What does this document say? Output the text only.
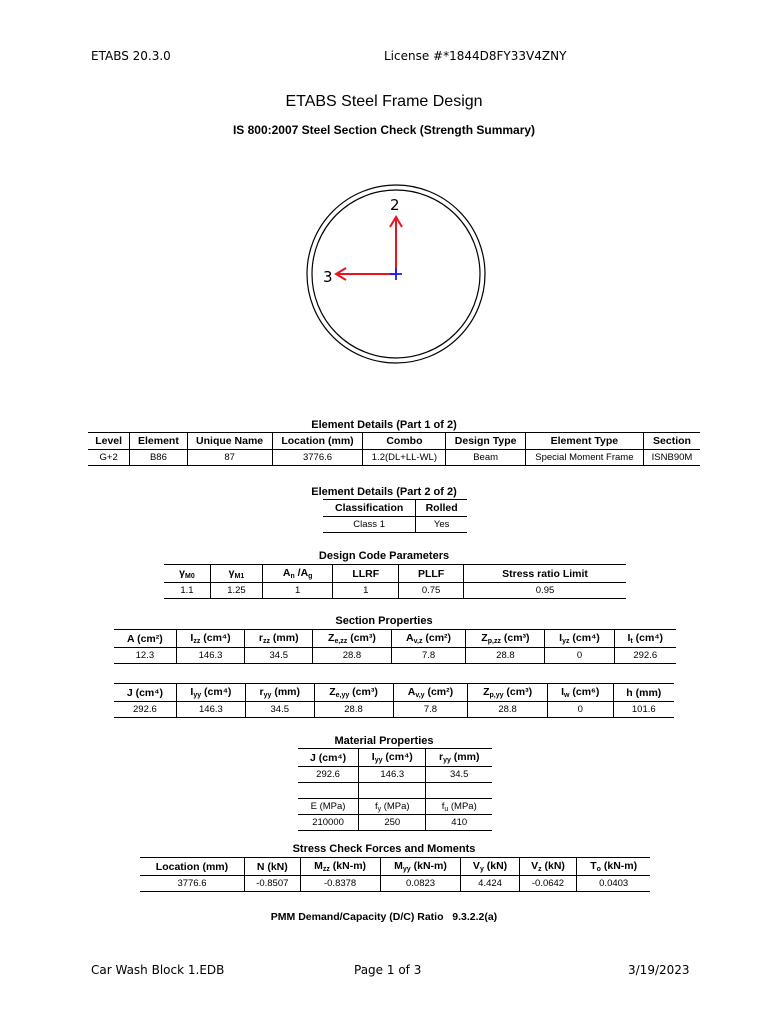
ETABS 20.3.0	License #*1844D8FY33V4ZNY
ETABS Steel Frame Design
IS 800:2007 Steel Section Check (Strength Summary)
2
3
Element Details (Part 1 of 2)
Level	Element	Unique Name	Location (mm)	Combo	Design Type	Element Type	Section
G+2	B86	87	3776.6	1.2(DL+LL-WL)	Beam	Special Moment Frame	ISNB90M
Element Details (Part 2 of 2)
Classification	Rolled
Class 1	Yes
Design Code Parameters
$\gamma_{M0}$	$\gamma_{M1}$	$A_n$ $/A_g$	LLRF	PLLF	Stress ratio Limit
1.1	1.25	1	1	0.75	0.95
Section Properties
A (cm²)	$I_{zz}$ (cm⁴)	$r_{zz}$ (mm)	$Z_{e,zz}$ (cm³)	$A_{v,z}$ (cm²)	$Z_{p,zz}$ (cm³)	$I_{yz}$ (cm⁴)	$I_t$ (cm⁴)
12.3	146.3	34.5	28.8	7.8	28.8	0	292.6
J (cm⁴)	$I_{yy}$ (cm⁴)	$r_{yy}$ (mm)	$Z_{e,yy}$ (cm³)	$A_{v,y}$ (cm²)	$Z_{p,yy}$ (cm³)	$I_w$ (cm⁶)	h (mm)
292.6	146.3	34.5	28.8	7.8	28.8	0	101.6
Material Properties
J (cm⁴)	$I_{yy}$ (cm⁴)	$r_{yy}$ (mm)
292.6	146.3	34.5

E (MPa)	$f_y$ (MPa)	$f_u$ (MPa)
210000	250	410
Stress Check Forces and Moments
Location (mm)	N (kN)	$M_{zz}$ (kN-m)	$M_{yy}$ (kN-m)	$V_y$ (kN)	$V_z$ (kN)	$T_o$ (kN-m)
3776.6	-0.8507	-0.8378	0.0823	4.424	-0.0642	0.0403
PMM Demand/Capacity (D/C) Ratio   9.3.2.2(a)
Car Wash Block 1.EDB	Page 1 of 3	3/19/2023
